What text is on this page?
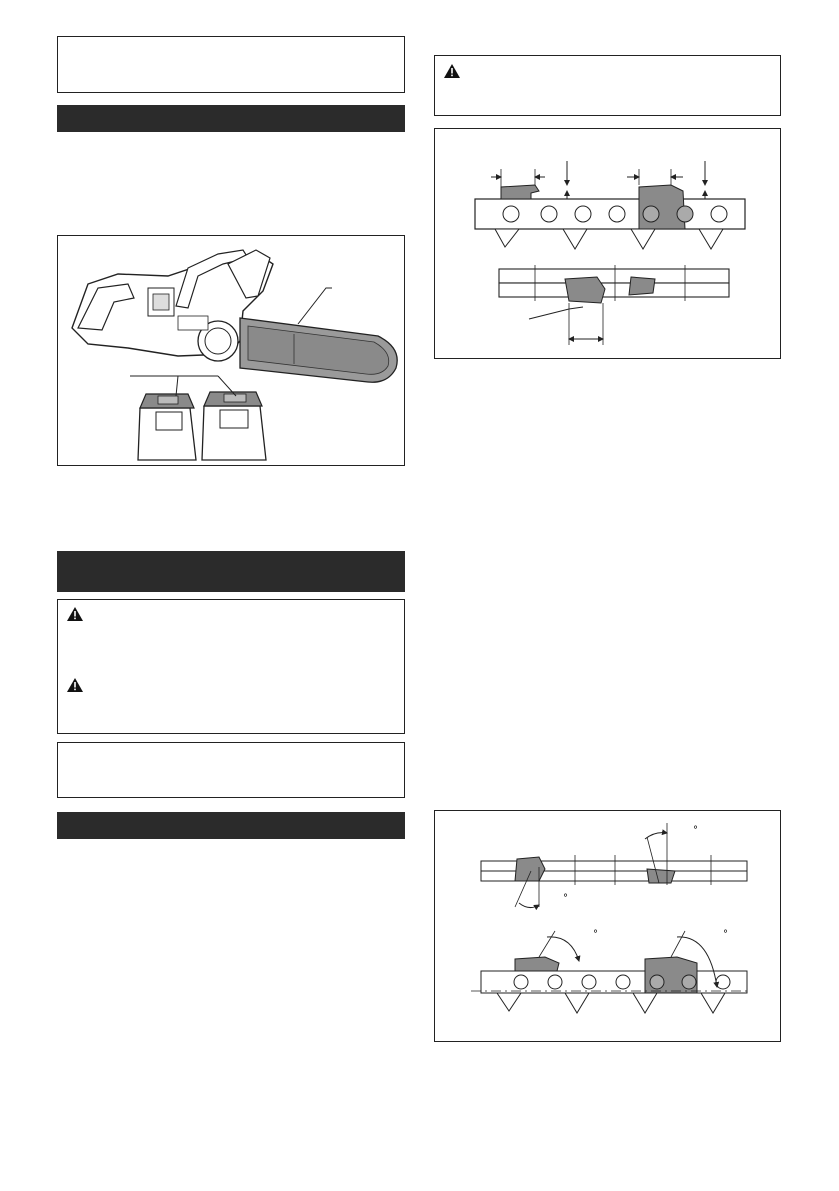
°
°
°	°
